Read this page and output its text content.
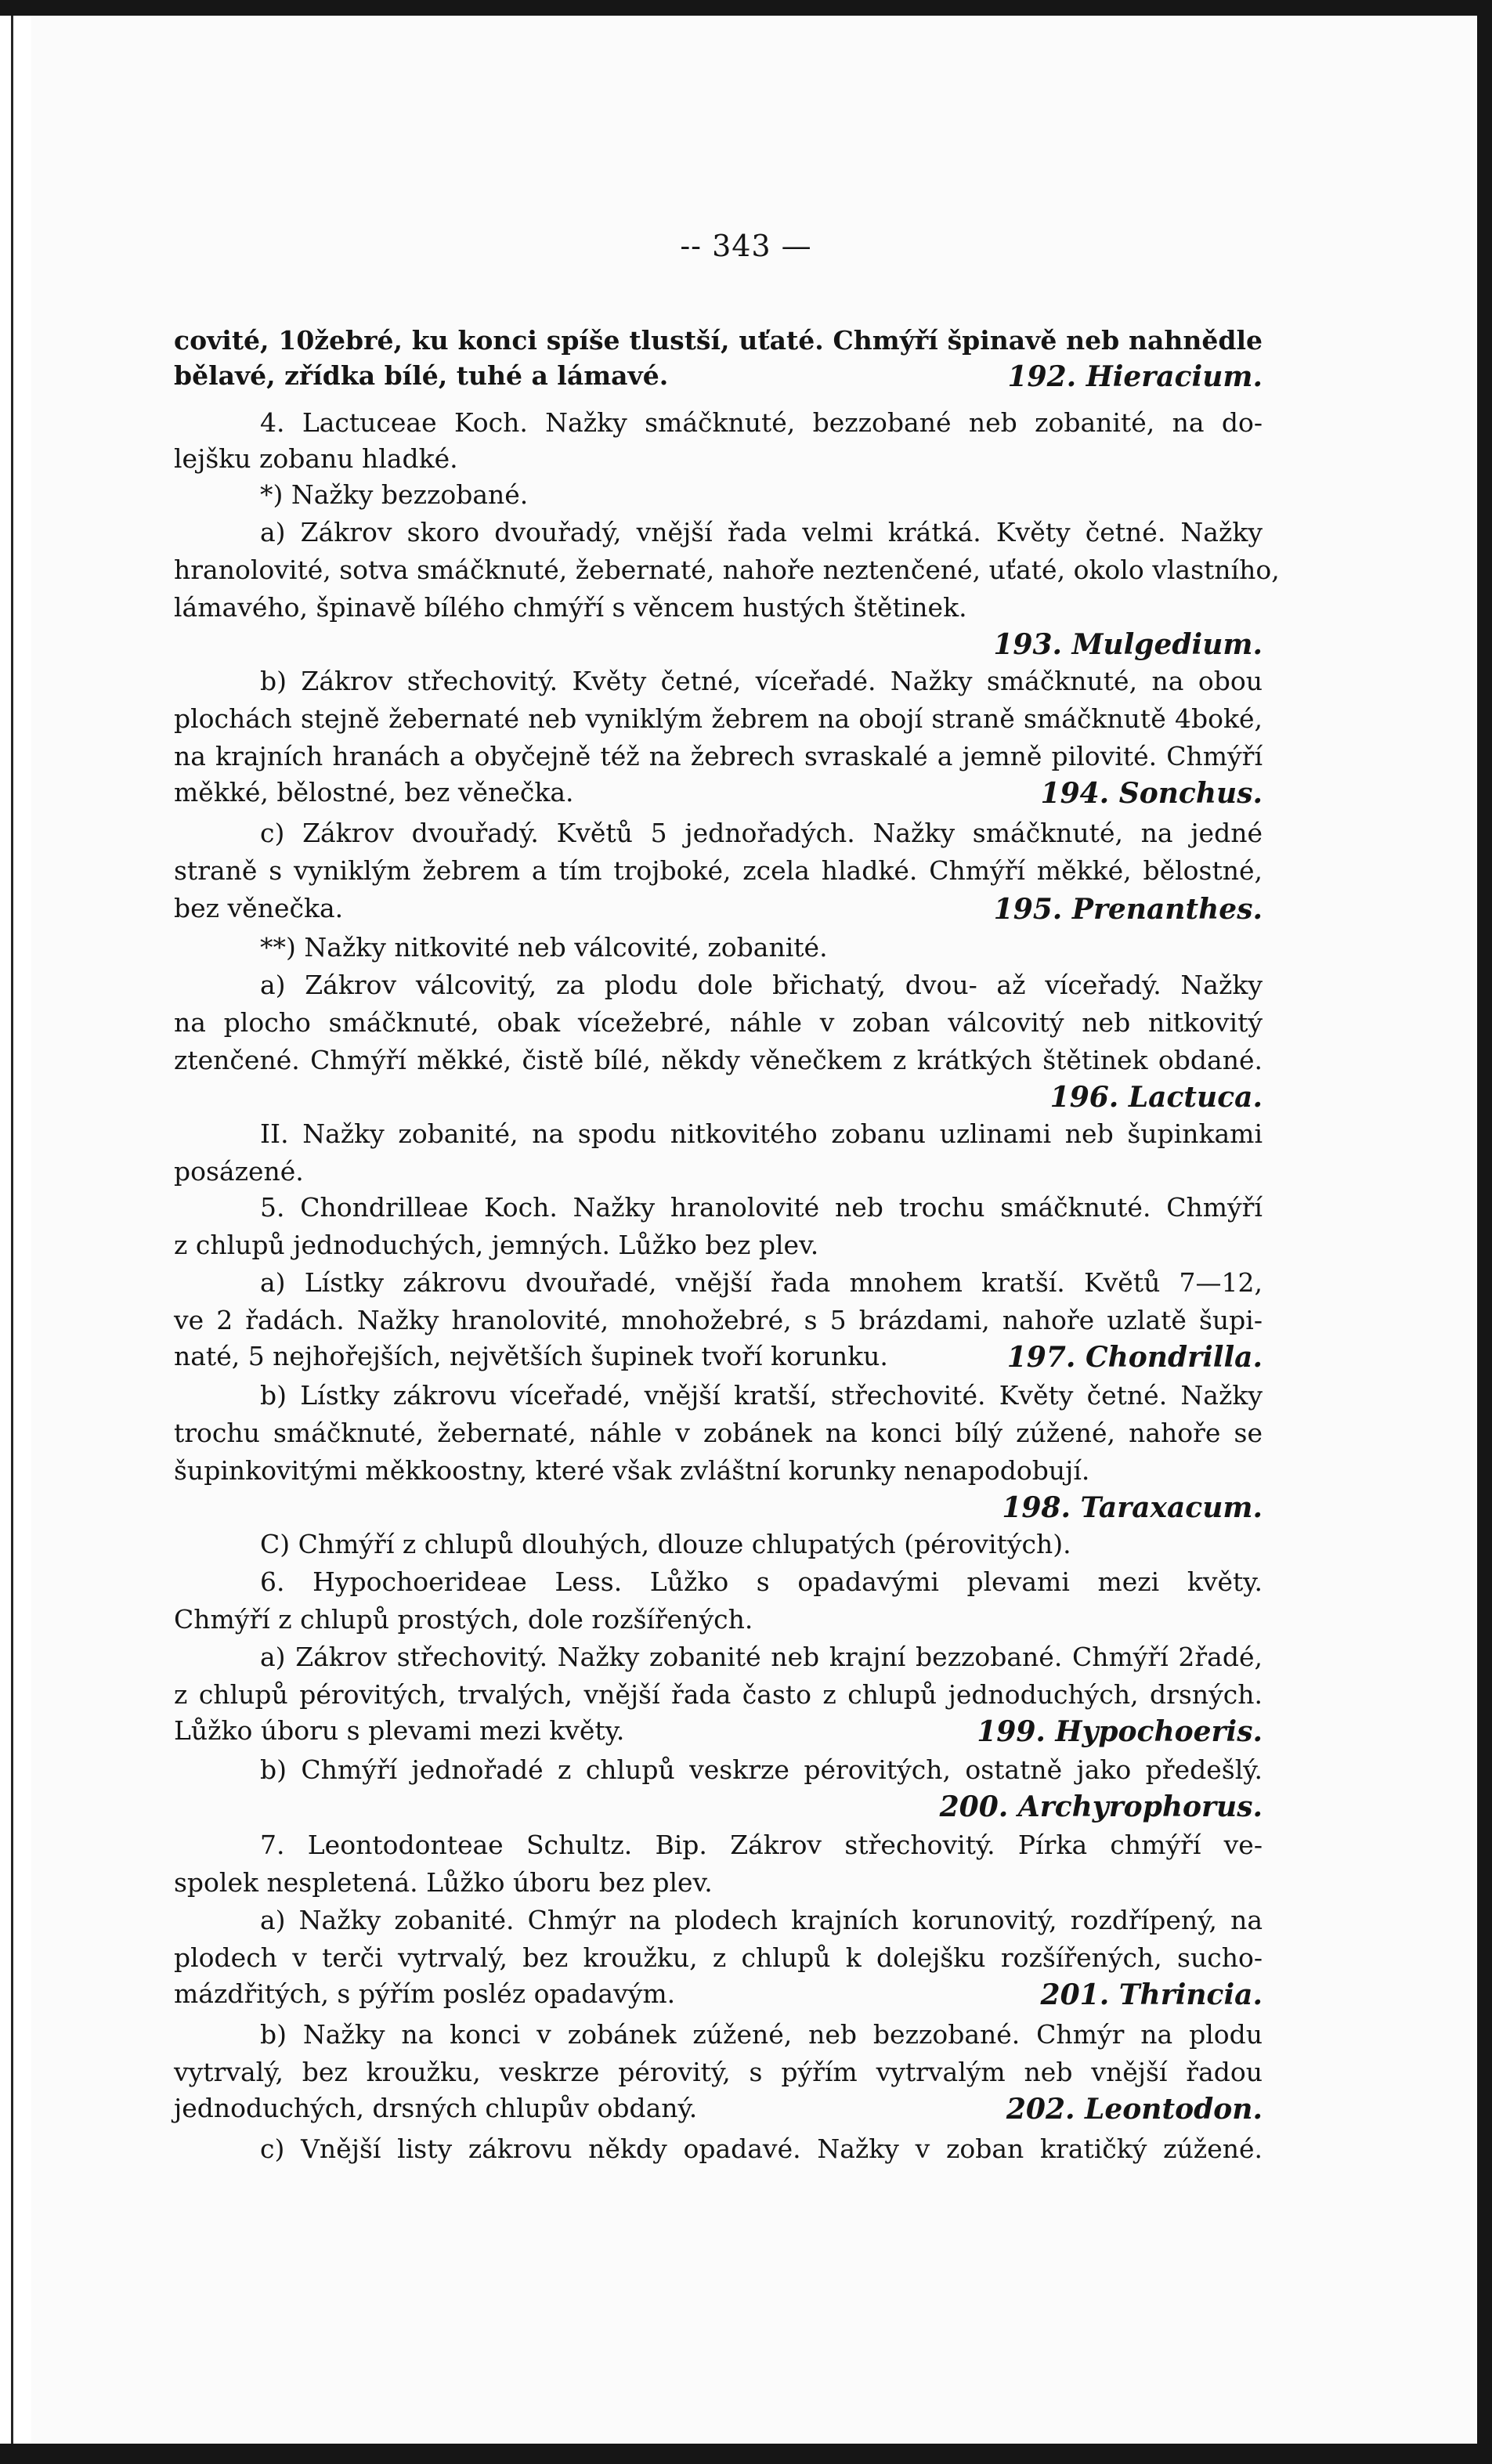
-- 343 —
covité, 10žebré, ku konci spíše tlustší, uťaté. Chmýří špinavě neb nahnědle
bělavé, zřídka bílé, tuhé a lámavé.	192. Hieracium.
4. Lactuceae Koch. Nažky smáčknuté, bezzobané neb zobanité, na do-
lejšku zobanu hladké.
*) Nažky bezzobané.
a) Zákrov skoro dvouřadý, vnější řada velmi krátká. Květy četné. Nažky
hranolovité, sotva smáčknuté, žebernaté, nahoře neztenčené, uťaté, okolo vlastního,
lámavého, špinavě bílého chmýří s věncem hustých štětinek.
193. Mulgedium.
b) Zákrov střechovitý. Květy četné, víceřadé. Nažky smáčknuté, na obou
plochách stejně žebernaté neb vyniklým žebrem na obojí straně smáčknutě 4boké,
na krajních hranách a obyčejně též na žebrech svraskalé a jemně pilovité. Chmýří
měkké, bělostné, bez věnečka.	194. Sonchus.
c) Zákrov dvouřadý. Květů 5 jednořadých. Nažky smáčknuté, na jedné
straně s vyniklým žebrem a tím trojboké, zcela hladké. Chmýří měkké, bělostné,
bez věnečka.	195. Prenanthes.
**) Nažky nitkovité neb válcovité, zobanité.
a) Zákrov válcovitý, za plodu dole břichatý, dvou- až víceřadý. Nažky
na plocho smáčknuté, obak vícežebré, náhle v zoban válcovitý neb nitkovitý
ztenčené. Chmýří měkké, čistě bílé, někdy věnečkem z krátkých štětinek obdané.
196. Lactuca.
II. Nažky zobanité, na spodu nitkovitého zobanu uzlinami neb šupinkami
posázené.
5. Chondrilleae Koch. Nažky hranolovité neb trochu smáčknuté. Chmýří
z chlupů jednoduchých, jemných. Lůžko bez plev.
a) Lístky zákrovu dvouřadé, vnější řada mnohem kratší. Květů 7—12,
ve 2 řadách. Nažky hranolovité, mnohožebré, s 5 brázdami, nahoře uzlatě šupi-
naté, 5 nejhořejších, největších šupinek tvoří korunku.	197. Chondrilla.
b) Lístky zákrovu víceřadé, vnější kratší, střechovité. Květy četné. Nažky
trochu smáčknuté, žebernaté, náhle v zobánek na konci bílý zúžené, nahoře se
šupinkovitými měkkoostny, které však zvláštní korunky nenapodobují.
198. Taraxacum.
C) Chmýří z chlupů dlouhých, dlouze chlupatých (pérovitých).
6. Hypochoerideae Less. Lůžko s opadavými plevami mezi květy.
Chmýří z chlupů prostých, dole rozšířených.
a) Zákrov střechovitý. Nažky zobanité neb krajní bezzobané. Chmýří 2řadé,
z chlupů pérovitých, trvalých, vnější řada často z chlupů jednoduchých, drsných.
Lůžko úboru s plevami mezi květy.	199. Hypochoeris.
b) Chmýří jednořadé z chlupů veskrze pérovitých, ostatně jako předešlý.
200. Archyrophorus.
7. Leontodonteae Schultz. Bip. Zákrov střechovitý. Pírka chmýří ve-
spolek nespletená. Lůžko úboru bez plev.
a) Nažky zobanité. Chmýr na plodech krajních korunovitý, rozdřípený, na
plodech v terči vytrvalý, bez kroužku, z chlupů k dolejšku rozšířených, sucho-
mázdřitých, s pýřím posléz opadavým.	201. Thrincia.
b) Nažky na konci v zobánek zúžené, neb bezzobané. Chmýr na plodu
vytrvalý, bez kroužku, veskrze pérovitý, s pýřím vytrvalým neb vnější řadou
jednoduchých, drsných chlupův obdaný.	202. Leontodon.
c) Vnější listy zákrovu někdy opadavé. Nažky v zoban kratičký zúžené.
